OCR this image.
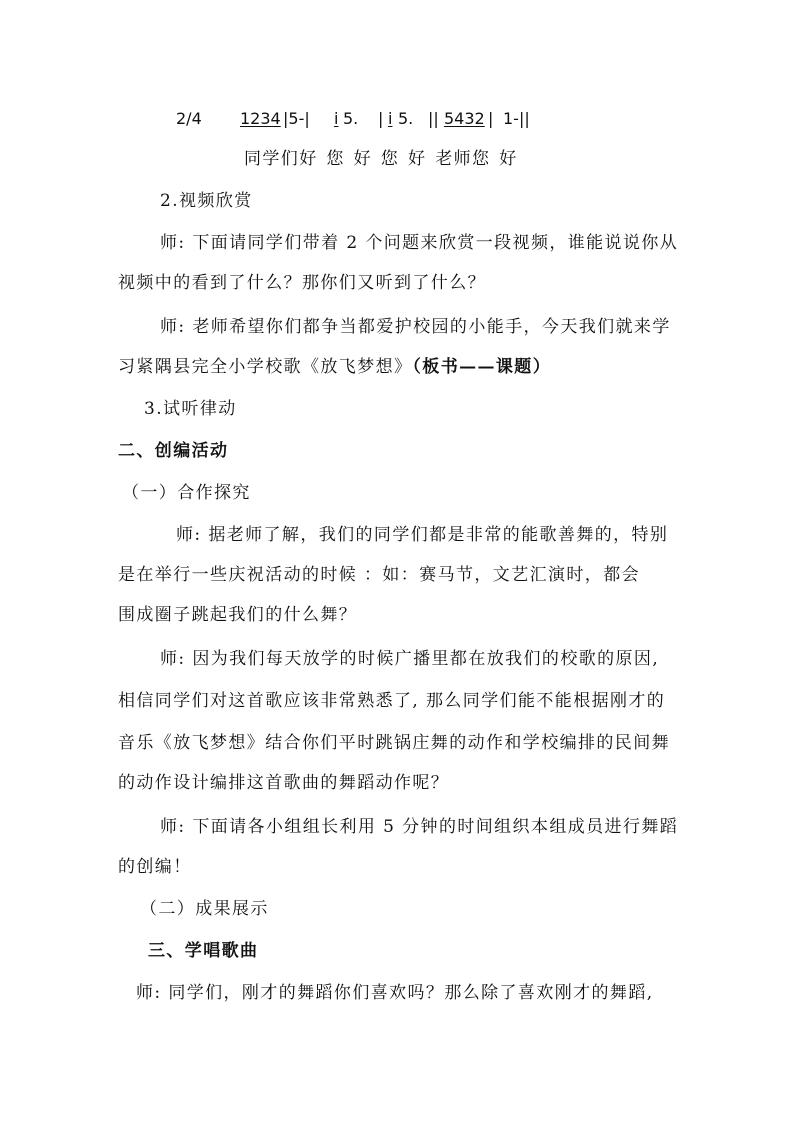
2/4 1234 |5-| i 5. | i 5. || 5432 | 1-||
同学们好 您 好 您 好 老师您 好
2.视频欣赏
师: 下面请同学们带着 2 个问题来欣赏一段视频，谁能说说你从
视频中的看到了什么？那你们又听到了什么？
师: 老师希望你们都争当都爱护校园的小能手，今天我们就来学
习紧隅县完全小学校歌《放飞梦想》（板书——课题）
3.试听律动
二、创编活动
（一）合作探究
师: 据老师了解，我们的同学们都是非常的能歌善舞的，特别
是在举行一些庆祝活动的时候 ：如：赛马节，文艺汇演时，都会
围成圈子跳起我们的什么舞？
师: 因为我们每天放学的时候广播里都在放我们的校歌的原因,
相信同学们对这首歌应该非常熟悉了, 那么同学们能不能根据刚才的
音乐《放飞梦想》结合你们平时跳锅庄舞的动作和学校编排的民间舞
的动作设计编排这首歌曲的舞蹈动作呢？
师: 下面请各小组组长利用 5 分钟的时间组织本组成员进行舞蹈
的创编！
（二）成果展示
三、学唱歌曲
师: 同学们，刚才的舞蹈你们喜欢吗？那么除了喜欢刚才的舞蹈,
